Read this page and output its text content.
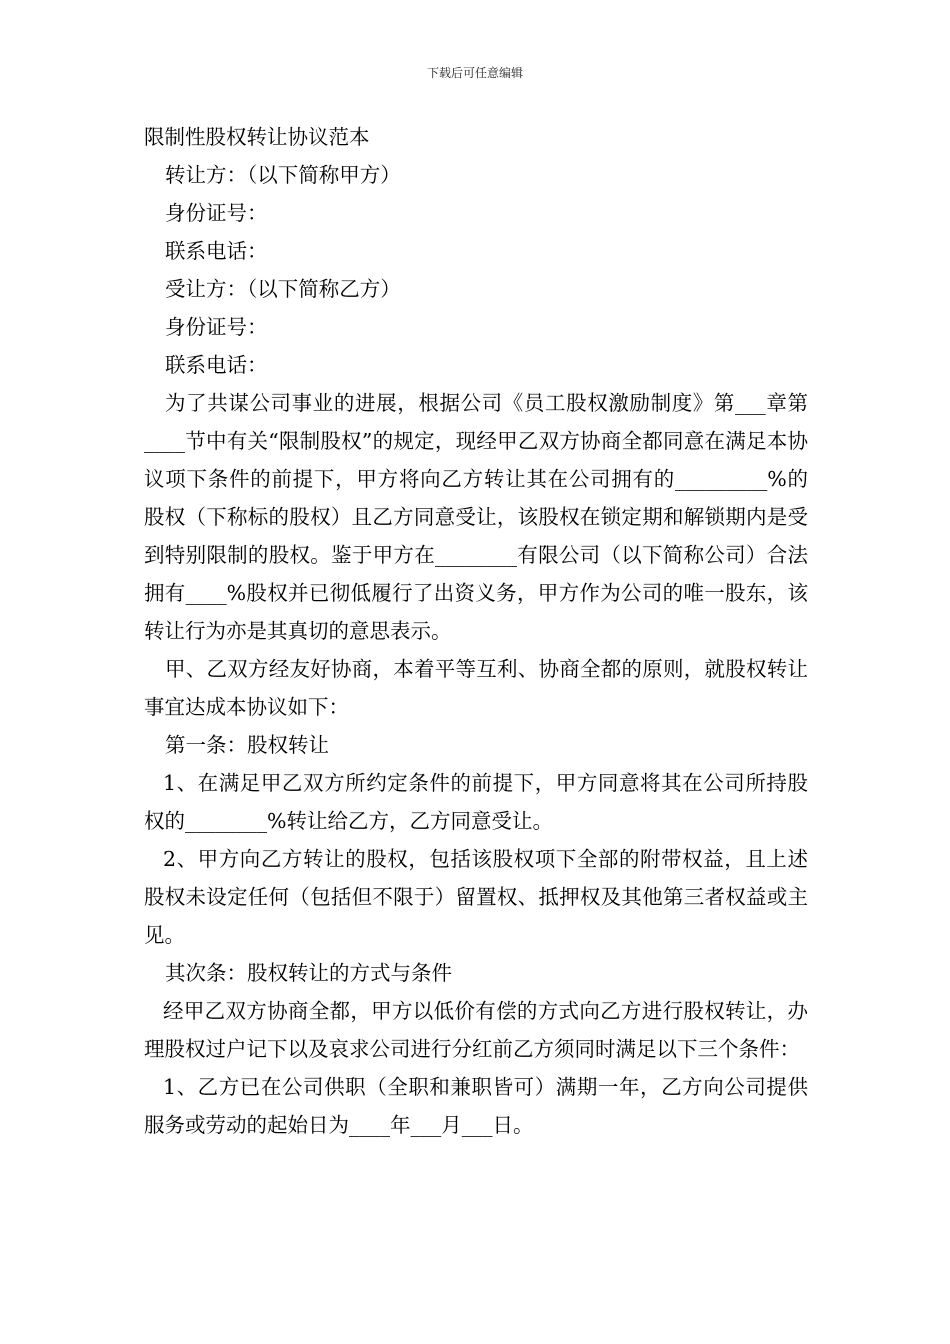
下载后可任意编辑

限制性股权转让协议范本

转让方：（以下简称甲方）

身份证号：

联系电话：

受让方：（以下简称乙方）

身份证号：

联系电话：

为了共谋公司事业的进展，根据公司《员工股权激励制度》第___章第____节中有关“限制股权”的规定，现经甲乙双方协商全都同意在满足本协议项下条件的前提下，甲方将向乙方转让其在公司拥有的_________%的股权（下称标的股权）且乙方同意受让，该股权在锁定期和解锁期内是受到特别限制的股权。鉴于甲方在________有限公司（以下简称公司）合法拥有____%股权并已彻低履行了出资义务，甲方作为公司的唯一股东，该转让行为亦是其真切的意思表示。

甲、乙双方经友好协商，本着平等互利、协商全都的原则，就股权转让事宜达成本协议如下：

第一条：股权转让

1、在满足甲乙双方所约定条件的前提下，甲方同意将其在公司所持股权的________%转让给乙方，乙方同意受让。

2、甲方向乙方转让的股权，包括该股权项下全部的附带权益，且上述股权未设定任何（包括但不限于）留置权、抵押权及其他第三者权益或主见。

其次条：股权转让的方式与条件

经甲乙双方协商全都，甲方以低价有偿的方式向乙方进行股权转让，办理股权过户记下以及哀求公司进行分红前乙方须同时满足以下三个条件：

1、乙方已在公司供职（全职和兼职皆可）满期一年，乙方向公司提供服务或劳动的起始日为____年___月___日。
